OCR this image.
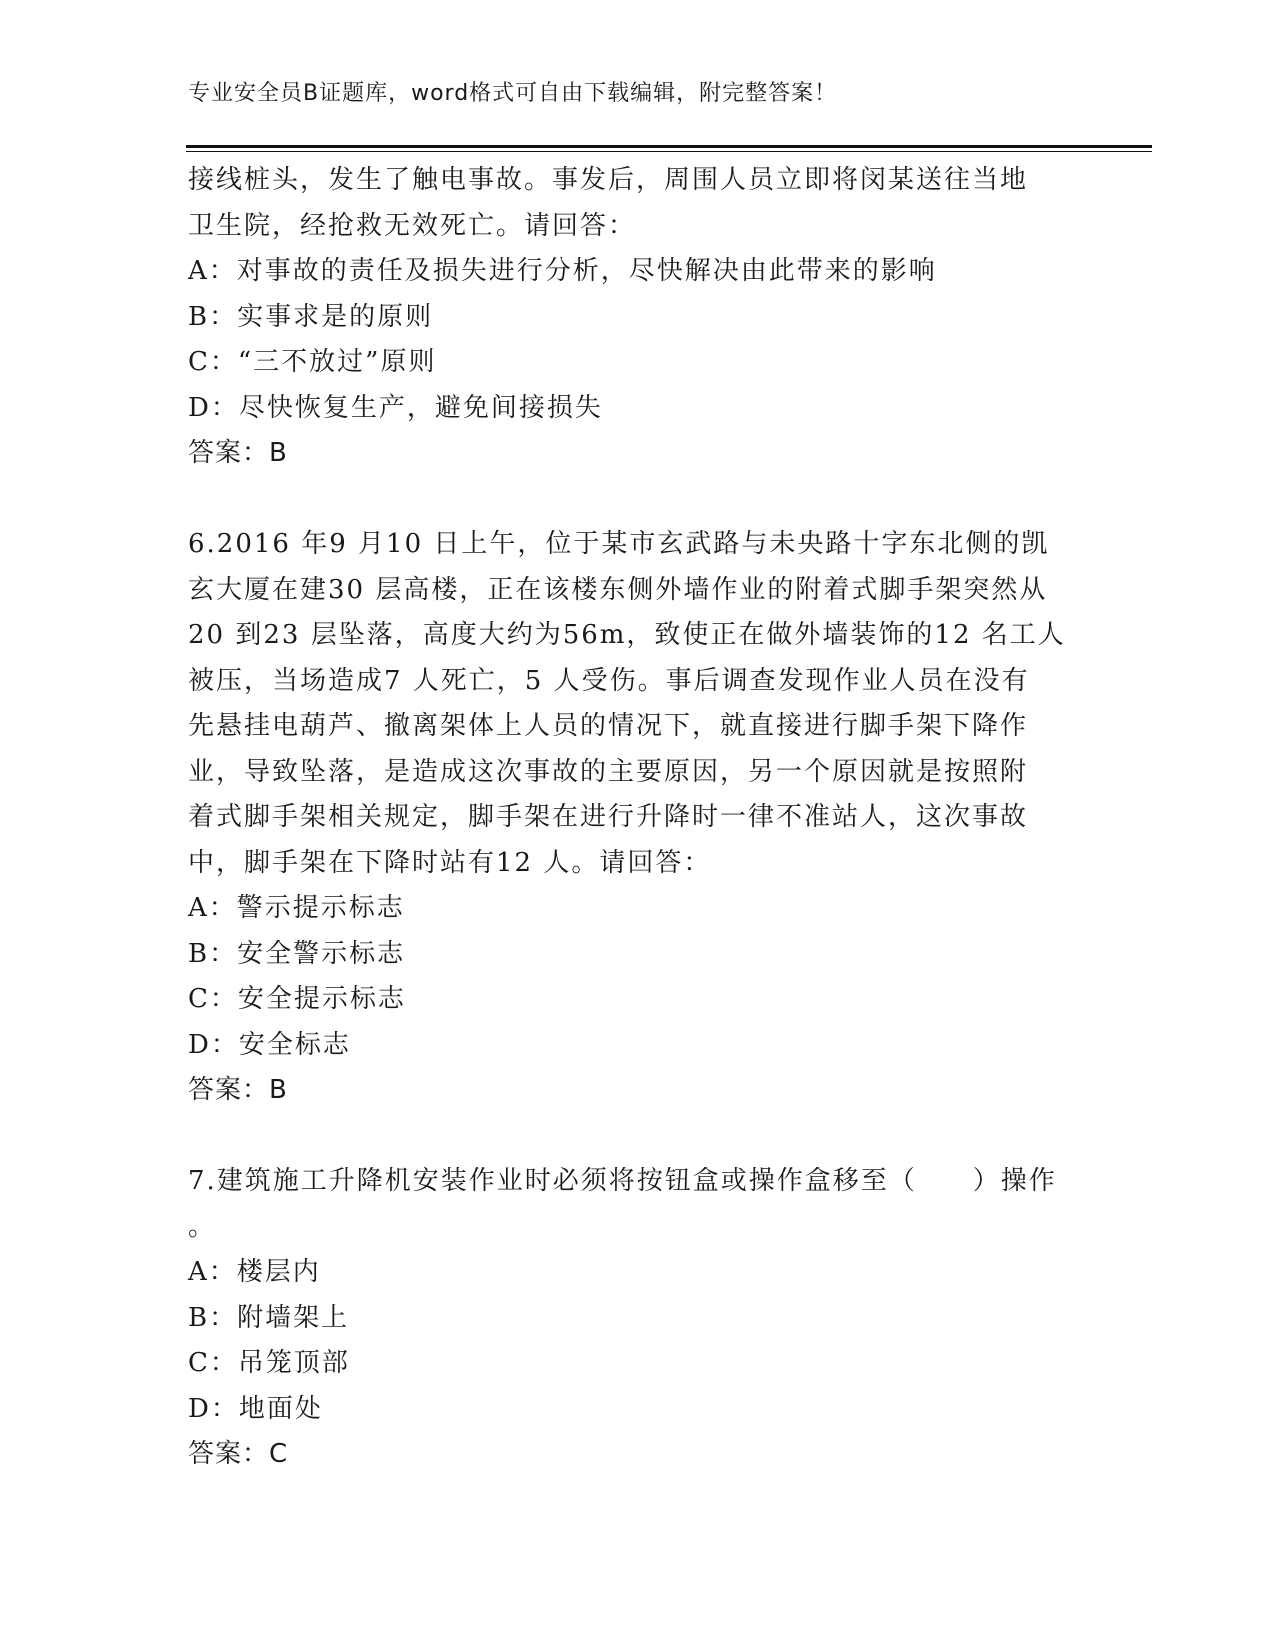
专业安全员B证题库，word格式可自由下载编辑，附完整答案！
接线桩头，发生了触电事故。事发后，周围人员立即将闵某送往当地
卫生院，经抢救无效死亡。请回答：
A：对事故的责任及损失进行分析，尽快解决由此带来的影响
B：实事求是的原则
C：“三不放过”原则
D：尽快恢复生产，避免间接损失
答案：B
6.2016 年9 月10 日上午，位于某市玄武路与未央路十字东北侧的凯
玄大厦在建30 层高楼，正在该楼东侧外墙作业的附着式脚手架突然从
20 到23 层坠落，高度大约为56m，致使正在做外墙装饰的12 名工人
被压，当场造成7 人死亡，5 人受伤。事后调查发现作业人员在没有
先悬挂电葫芦、撤离架体上人员的情况下，就直接进行脚手架下降作
业，导致坠落，是造成这次事故的主要原因，另一个原因就是按照附
着式脚手架相关规定，脚手架在进行升降时一律不准站人，这次事故
中，脚手架在下降时站有12 人。请回答：
A：警示提示标志
B：安全警示标志
C：安全提示标志
D：安全标志
答案：B
7.建筑施工升降机安装作业时必须将按钮盒或操作盒移至（　　）操作
。
A：楼层内
B：附墙架上
C：吊笼顶部
D：地面处
答案：C
